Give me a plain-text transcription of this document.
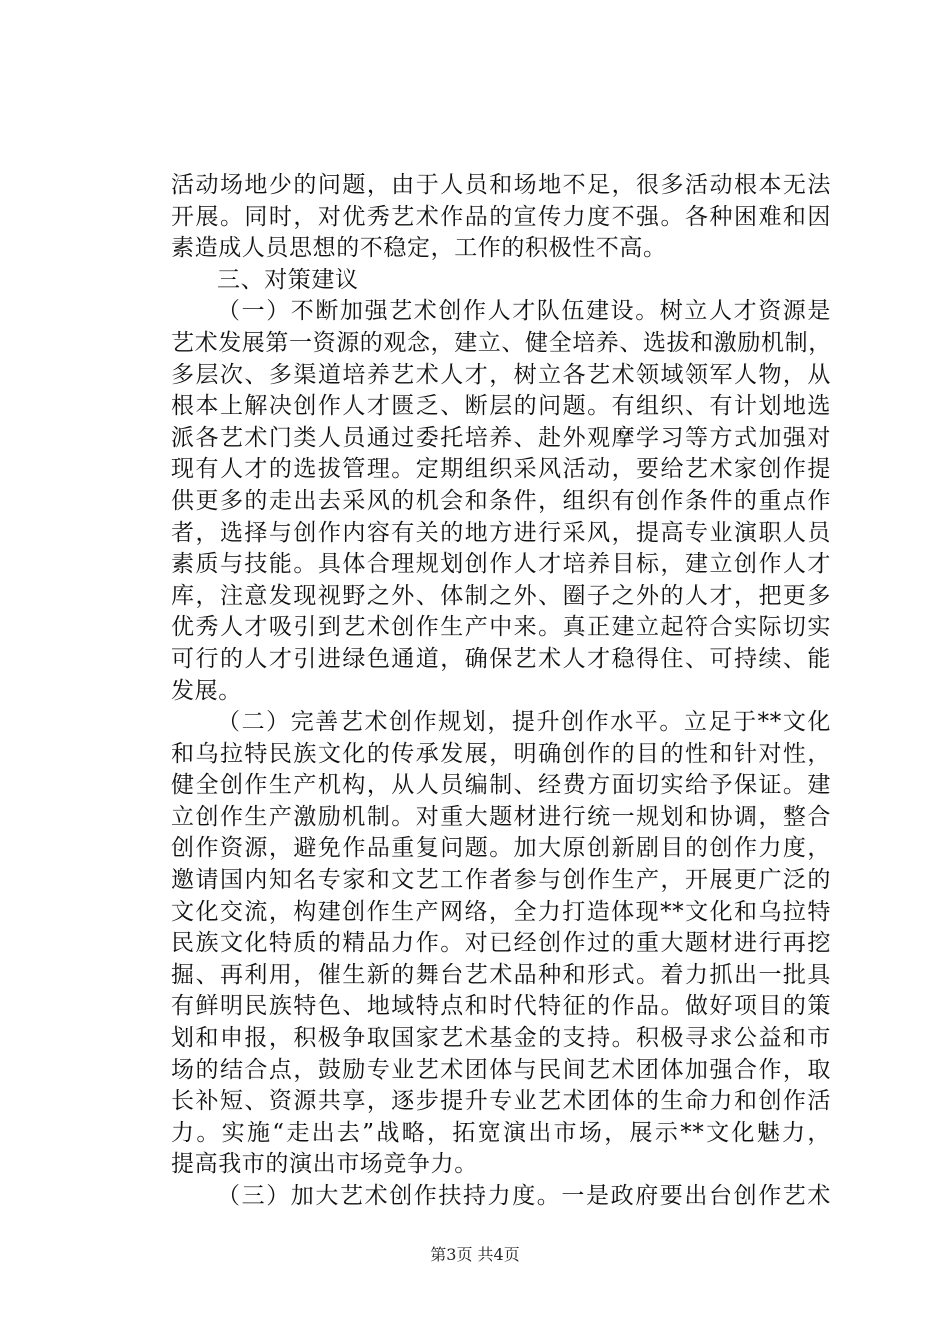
活动场地少的问题，由于人员和场地不足，很多活动根本无法
开展。同时，对优秀艺术作品的宣传力度不强。各种困难和因
素造成人员思想的不稳定，工作的积极性不高。
三、对策建议
（一）不断加强艺术创作人才队伍建设。树立人才资源是
艺术发展第一资源的观念，建立、健全培养、选拔和激励机制，
多层次、多渠道培养艺术人才，树立各艺术领域领军人物，从
根本上解决创作人才匮乏、断层的问题。有组织、有计划地选
派各艺术门类人员通过委托培养、赴外观摩学习等方式加强对
现有人才的选拔管理。定期组织采风活动，要给艺术家创作提
供更多的走出去采风的机会和条件，组织有创作条件的重点作
者，选择与创作内容有关的地方进行采风，提高专业演职人员
素质与技能。具体合理规划创作人才培养目标，建立创作人才
库，注意发现视野之外、体制之外、圈子之外的人才，把更多
优秀人才吸引到艺术创作生产中来。真正建立起符合实际切实
可行的人才引进绿色通道，确保艺术人才稳得住、可持续、能
发展。
（二）完善艺术创作规划，提升创作水平。立足于**文化
和乌拉特民族文化的传承发展，明确创作的目的性和针对性，
健全创作生产机构，从人员编制、经费方面切实给予保证。建
立创作生产激励机制。对重大题材进行统一规划和协调，整合
创作资源，避免作品重复问题。加大原创新剧目的创作力度，
邀请国内知名专家和文艺工作者参与创作生产，开展更广泛的
文化交流，构建创作生产网络，全力打造体现**文化和乌拉特
民族文化特质的精品力作。对已经创作过的重大题材进行再挖
掘、再利用，催生新的舞台艺术品种和形式。着力抓出一批具
有鲜明民族特色、地域特点和时代特征的作品。做好项目的策
划和申报，积极争取国家艺术基金的支持。积极寻求公益和市
场的结合点，鼓励专业艺术团体与民间艺术团体加强合作，取
长补短、资源共享，逐步提升专业艺术团体的生命力和创作活
力。实施“走出去”战略，拓宽演出市场，展示**文化魅力，
提高我市的演出市场竞争力。
（三）加大艺术创作扶持力度。一是政府要出台创作艺术
第3页 共4页
